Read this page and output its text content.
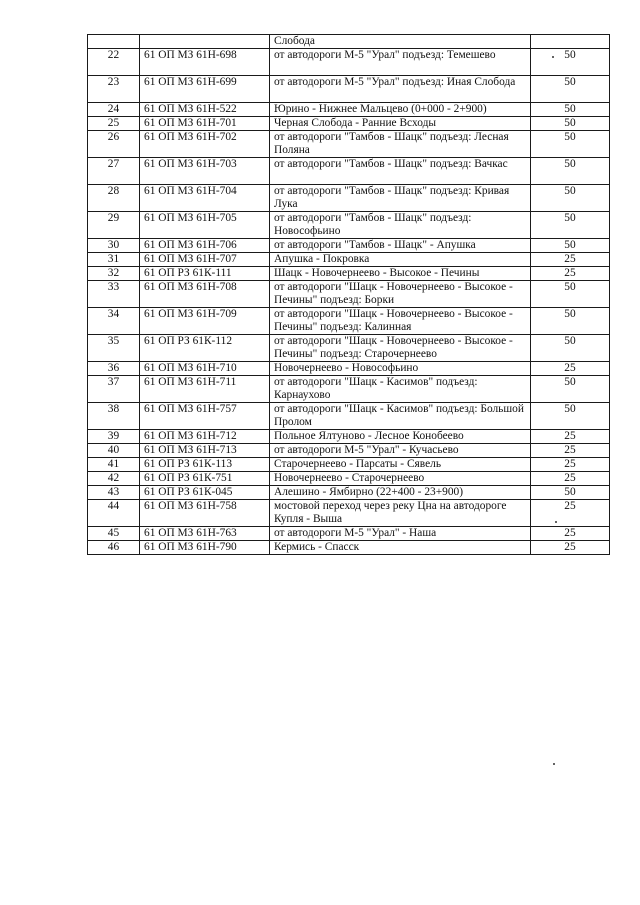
		Слобода	
22	61 ОП МЗ 61Н-698	от автодороги М-5 "Урал" подъезд: Темешево	50
23	61 ОП МЗ 61Н-699	от автодороги М-5 "Урал" подъезд: Иная Слобода	50
24	61 ОП МЗ 61Н-522	Юрино - Нижнее Мальцево (0+000 - 2+900)	50
25	61 ОП МЗ 61Н-701	Черная Слобода - Ранние Всходы	50
26	61 ОП МЗ 61Н-702	от автодороги "Тамбов - Шацк" подъезд: Лесная Поляна	50
27	61 ОП МЗ 61Н-703	от автодороги "Тамбов - Шацк" подъезд: Вачкас	50
28	61 ОП МЗ 61Н-704	от автодороги "Тамбов - Шацк" подъезд: Кривая Лука	50
29	61 ОП МЗ 61Н-705	от автодороги "Тамбов - Шацк" подъезд: Новософьино	50
30	61 ОП МЗ 61Н-706	от автодороги "Тамбов - Шацк" - Апушка	50
31	61 ОП МЗ 61Н-707	Апушка - Покровка	25
32	61 ОП РЗ 61К-111	Шацк - Новочернеево - Высокое - Печины	25
33	61 ОП МЗ 61Н-708	от автодороги "Шацк - Новочернеево - Высокое - Печины" подъезд: Борки	50
34	61 ОП МЗ 61Н-709	от автодороги "Шацк - Новочернеево - Высокое - Печины" подъезд: Калинная	50
35	61 ОП РЗ 61К-112	от автодороги "Шацк - Новочернеево - Высокое - Печины" подъезд: Старочернеево	50
36	61 ОП МЗ 61Н-710	Новочернеево - Новософьино	25
37	61 ОП МЗ 61Н-711	от автодороги "Шацк - Касимов" подъезд: Карнаухово	50
38	61 ОП МЗ 61Н-757	от автодороги "Шацк - Касимов" подъезд: Большой Пролом	50
39	61 ОП МЗ 61Н-712	Польное Ялтуново - Лесное Конобеево	25
40	61 ОП МЗ 61Н-713	от автодороги М-5 "Урал" - Кучасьево	25
41	61 ОП РЗ 61К-113	Старочернеево - Парсаты - Сявель	25
42	61 ОП РЗ 61К-751	Новочернеево - Старочернеево	25
43	61 ОП РЗ 61К-045	Алешино - Ямбирно (22+400 - 23+900)	50
44	61 ОП МЗ 61Н-758	мостовой переход через реку Цна на автодороге Купля - Выша	25
45	61 ОП МЗ 61Н-763	от автодороги М-5 "Урал" - Наша	25
46	61 ОП МЗ 61Н-790	Кермись - Спасск	25
